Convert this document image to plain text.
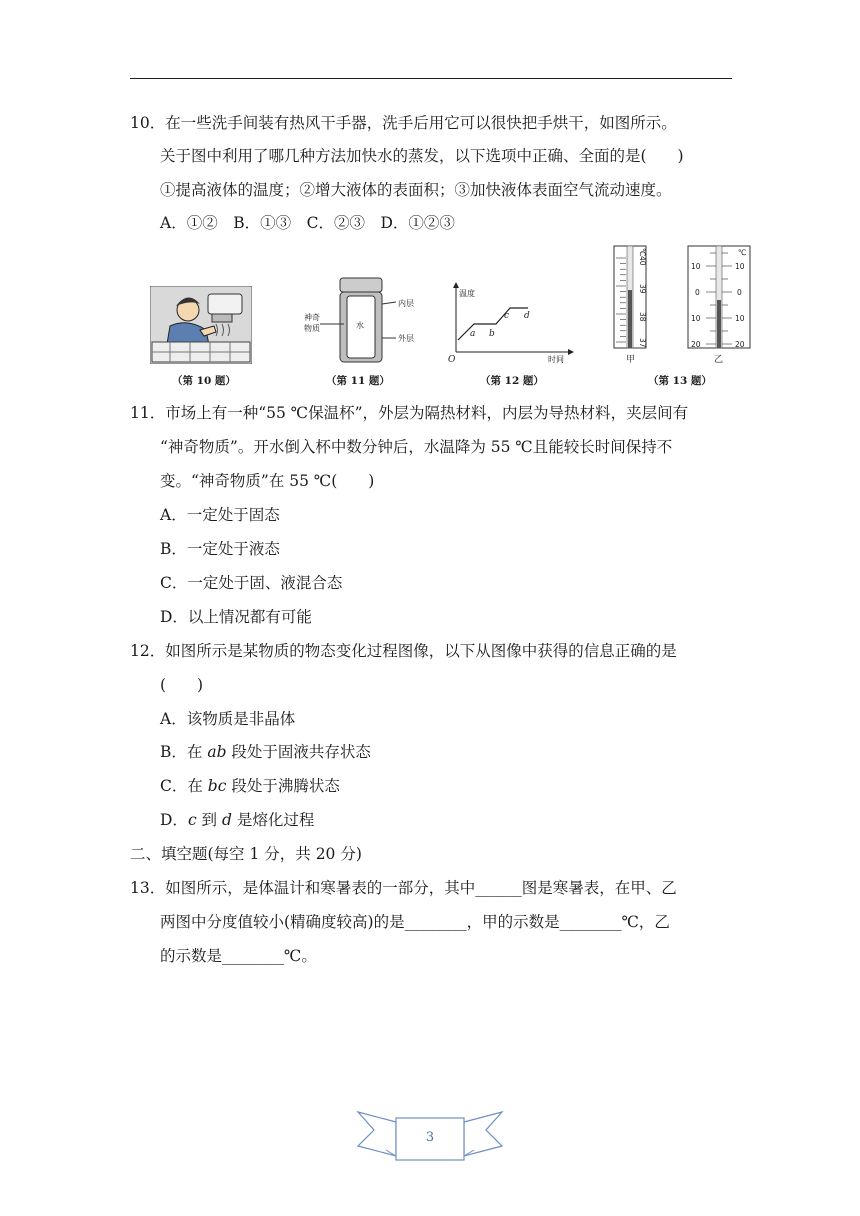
10．在一些洗手间装有热风干手器，洗手后用它可以很快把手烘干，如图所示。
关于图中利用了哪几种方法加快水的蒸发，以下选项中正确、全面的是(　　)
①提高液体的温度；②增大液体的表面积；③加快液体表面空气流动速度。
A．①②　B．①③　C．②③　D．①②③
（第 10 题）
水
内层
外层
神奇
物质
（第 11 题）
温度
时间
O
a b
c d
（第 12 题）
40
39
38
37
℃
10
0
10
20
10
0
10
20
℃
甲	乙
（第 13 题）
11．市场上有一种“55 ℃保温杯”，外层为隔热材料，内层为导热材料，夹层间有
“神奇物质”。开水倒入杯中数分钟后，水温降为 55 ℃且能较长时间保持不
变。“神奇物质”在 55 ℃(　　)
A．一定处于固态
B．一定处于液态
C．一定处于固、液混合态
D．以上情况都有可能
12．如图所示是某物质的物态变化过程图像，以下从图像中获得的信息正确的是
(　　)
A．该物质是非晶体
B．在 ab 段处于固液共存状态
C．在 bc 段处于沸腾状态
D．c 到 d 是熔化过程
二、填空题(每空 1 分，共 20 分)
13．如图所示，是体温计和寒暑表的一部分，其中______图是寒暑表，在甲、乙
两图中分度值较小(精确度较高)的是________，甲的示数是________℃，乙
的示数是________℃。
3
